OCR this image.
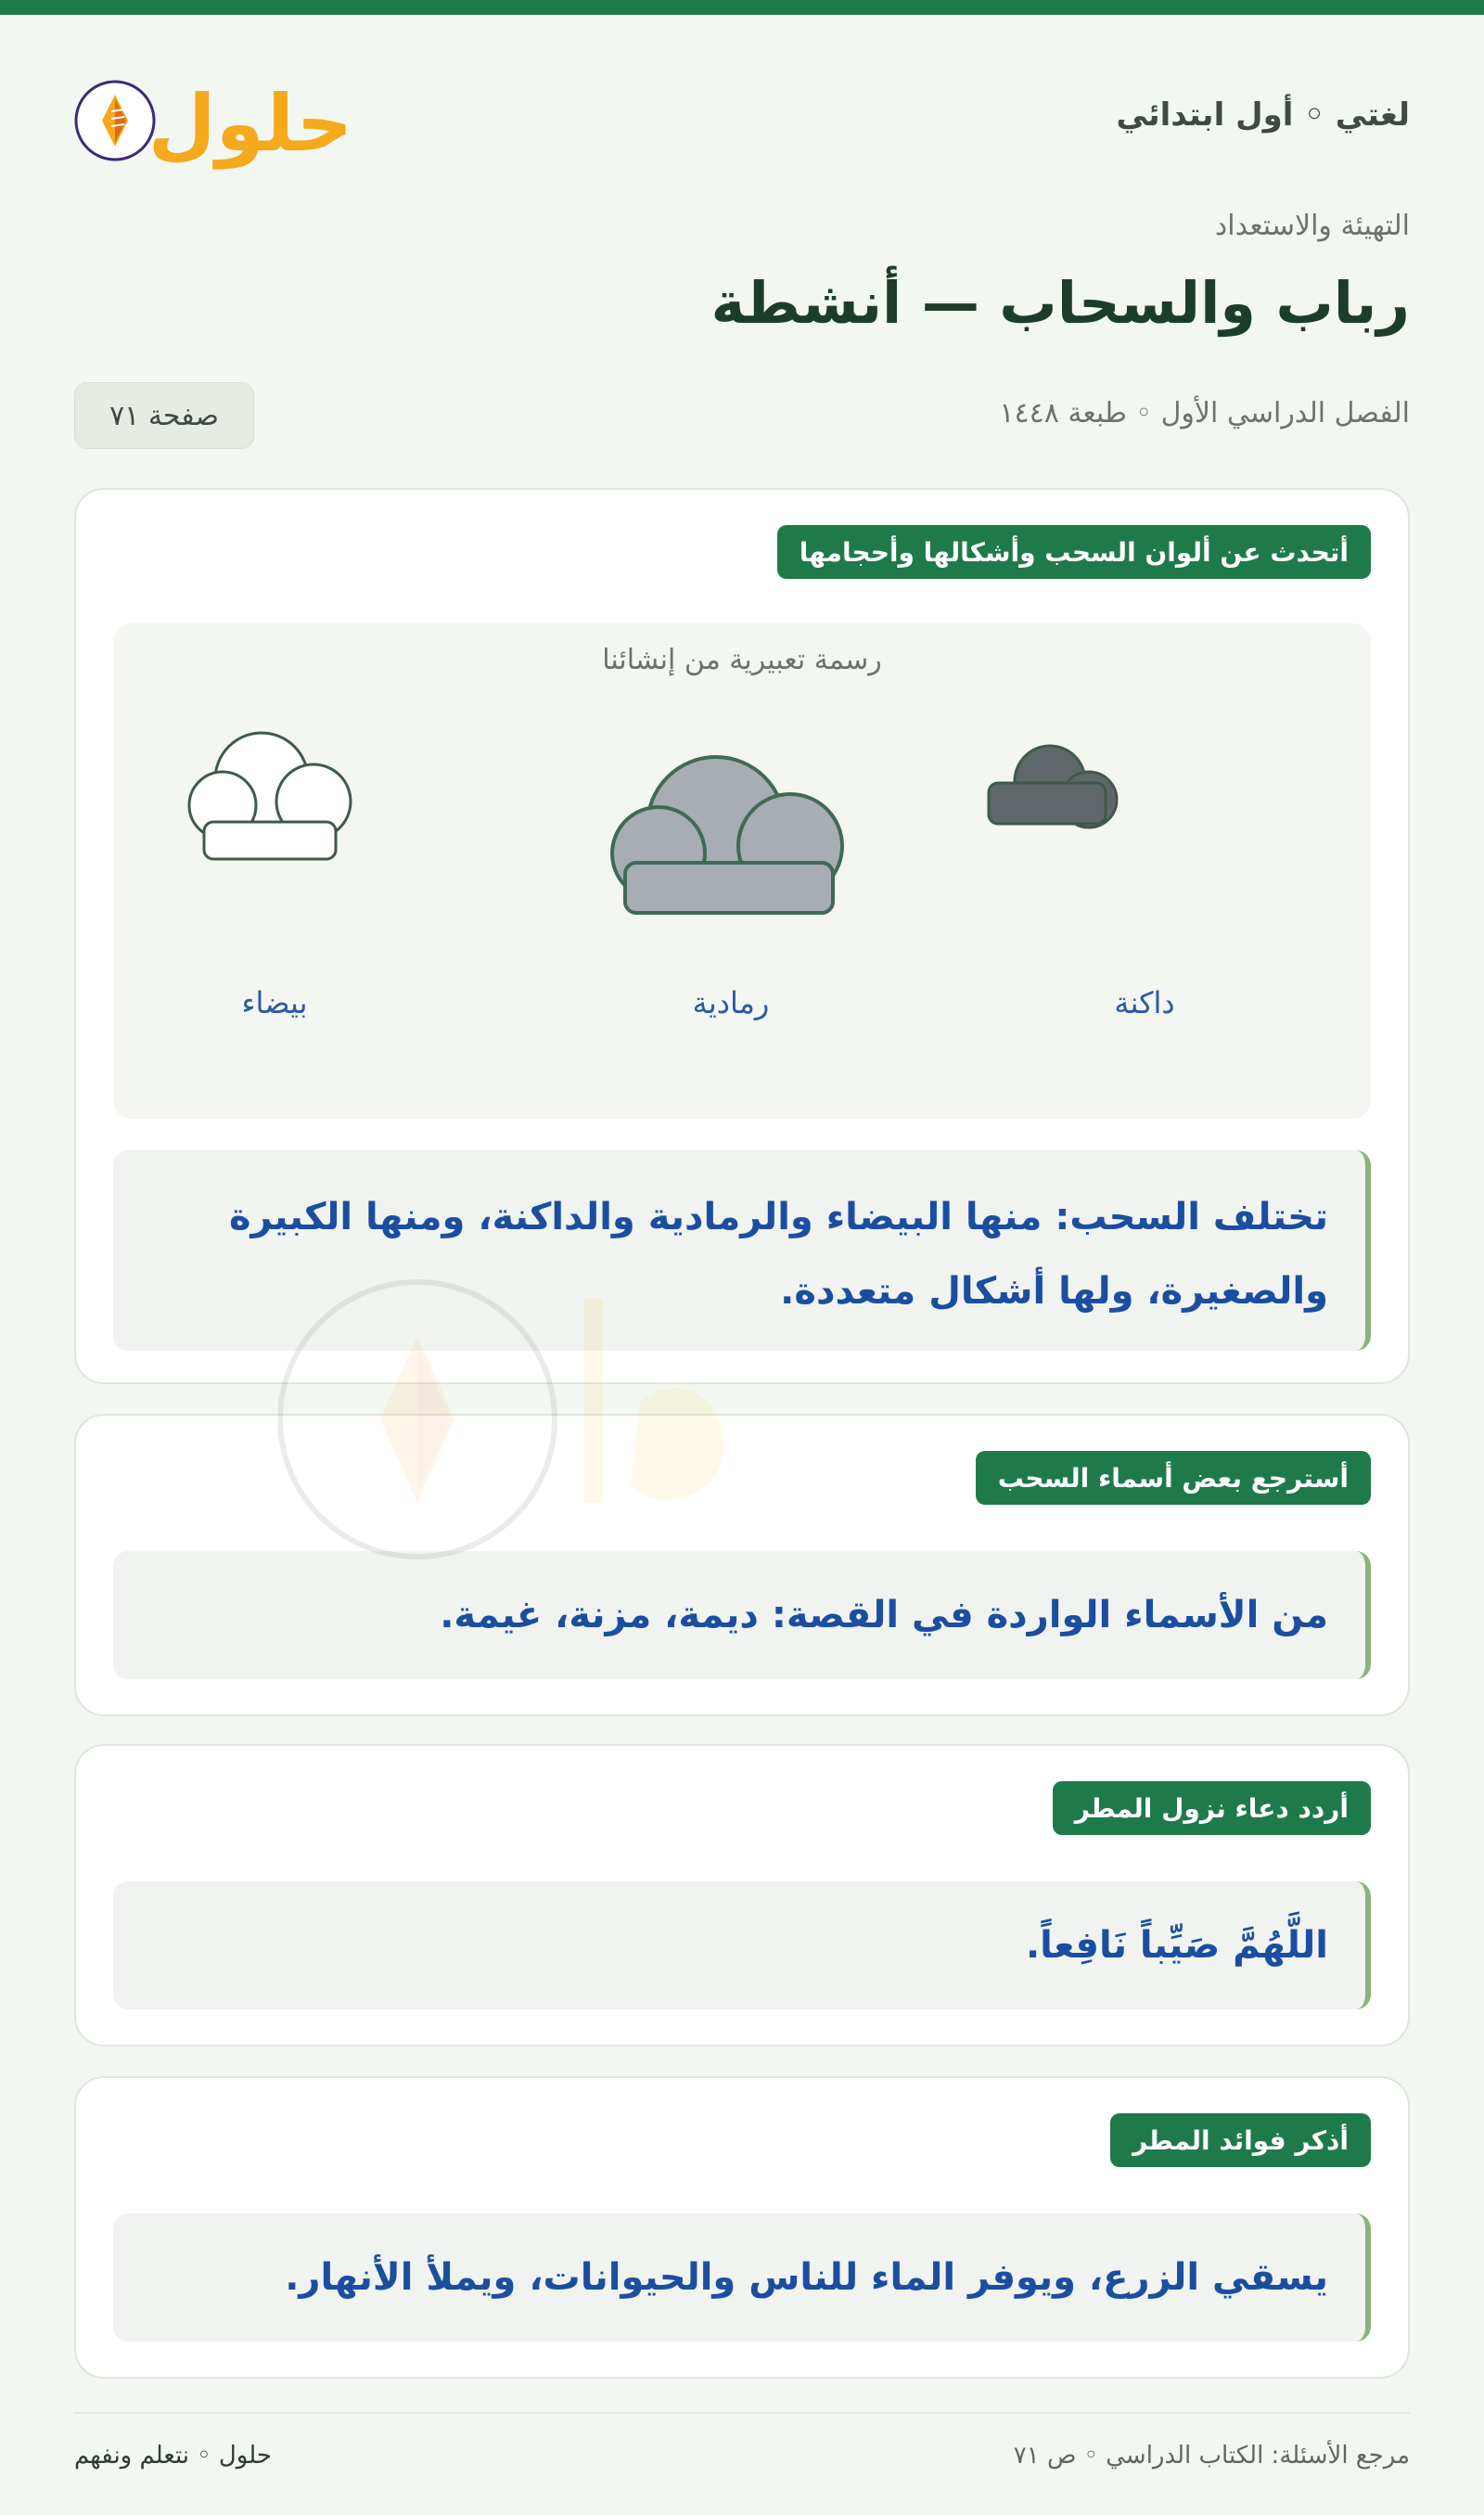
لغتي ◦ أول ابتدائي
حلول
التهيئة والاستعداد
رباب والسحاب — أنشطة
الفصل الدراسي الأول ◦ طبعة ١٤٤٨
صفحة ٧١
أتحدث عن ألوان السحب وأشكالها وأحجامها
رسمة تعبيرية من إنشائنا
داكنة
رمادية
بيضاء
تختلف السحب: منها البيضاء والرمادية والداكنة، ومنها الكبيرة والصغيرة، ولها أشكال متعددة.
أسترجع بعض أسماء السحب
من الأسماء الواردة في القصة: ديمة، مزنة، غيمة.
أردد دعاء نزول المطر
اللَّهُمَّ صَيِّباً نَافِعاً.
أذكر فوائد المطر
يسقي الزرع، ويوفر الماء للناس والحيوانات، ويملأ الأنهار.
مرجع الأسئلة: الكتاب الدراسي ◦ ص ٧١
حلول ◦ نتعلم ونفهم
